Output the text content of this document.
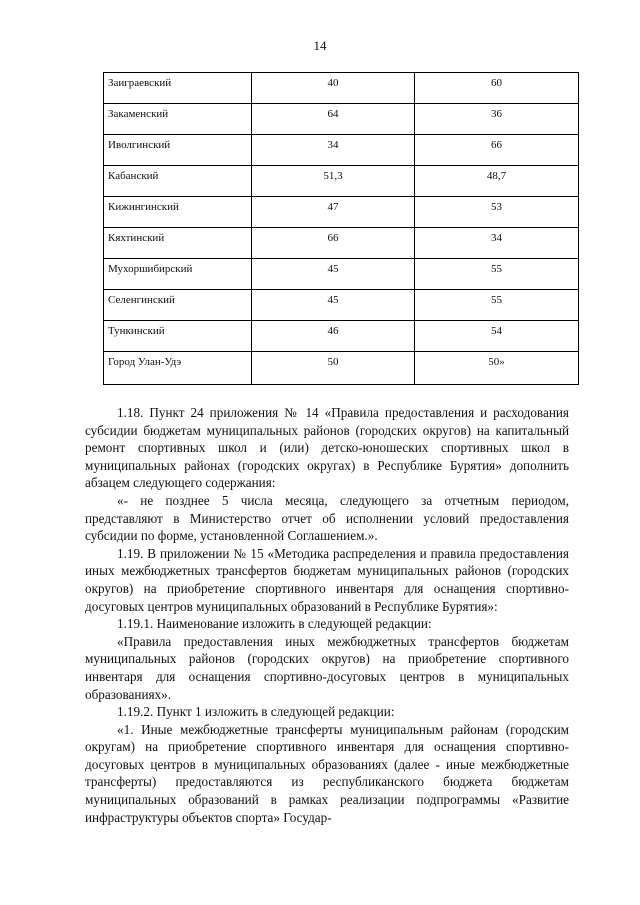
14
Заиграевский	40	60
Закаменский	64	36
Иволгинский	34	66
Кабанский	51,3	48,7
Кижингинский	47	53
Кяхтинский	66	34
Мухоршибирский	45	55
Селенгинский	45	55
Тункинский	46	54
Город Улан-Удэ	50	50»

1.18. Пункт 24 приложения № 14 «Правила предоставления и расходования субсидии бюджетам муниципальных районов (городских округов) на капитальный ремонт спортивных школ и (или) детско-юношеских спортивных школ в муниципальных районах (городских округах) в Республике Бурятия» дополнить абзацем следующего содержания:

«- не позднее 5 числа месяца, следующего за отчетным периодом, представляют в Министерство отчет об исполнении условий предоставления субсидии по форме, установленной Соглашением.».

1.19. В приложении № 15 «Методика распределения и правила предоставления иных межбюджетных трансфертов бюджетам муниципальных районов (городских округов) на приобретение спортивного инвентаря для оснащения спортивно-досуговых центров муниципальных образований в Республике Бурятия»:

1.19.1. Наименование изложить в следующей редакции:

«Правила предоставления иных межбюджетных трансфертов бюджетам муниципальных районов (городских округов) на приобретение спортивного инвентаря для оснащения спортивно-досуговых центров в муниципальных образованиях».

1.19.2. Пункт 1 изложить в следующей редакции:

«1. Иные межбюджетные трансферты муниципальным районам (городским округам) на приобретение спортивного инвентаря для оснащения спортивно-досуговых центров в муниципальных образованиях (далее - иные межбюджетные трансферты) предоставляются из республиканского бюджета бюджетам муниципальных образований в рамках реализации подпрограммы «Развитие инфраструктуры объектов спорта» Государ-
